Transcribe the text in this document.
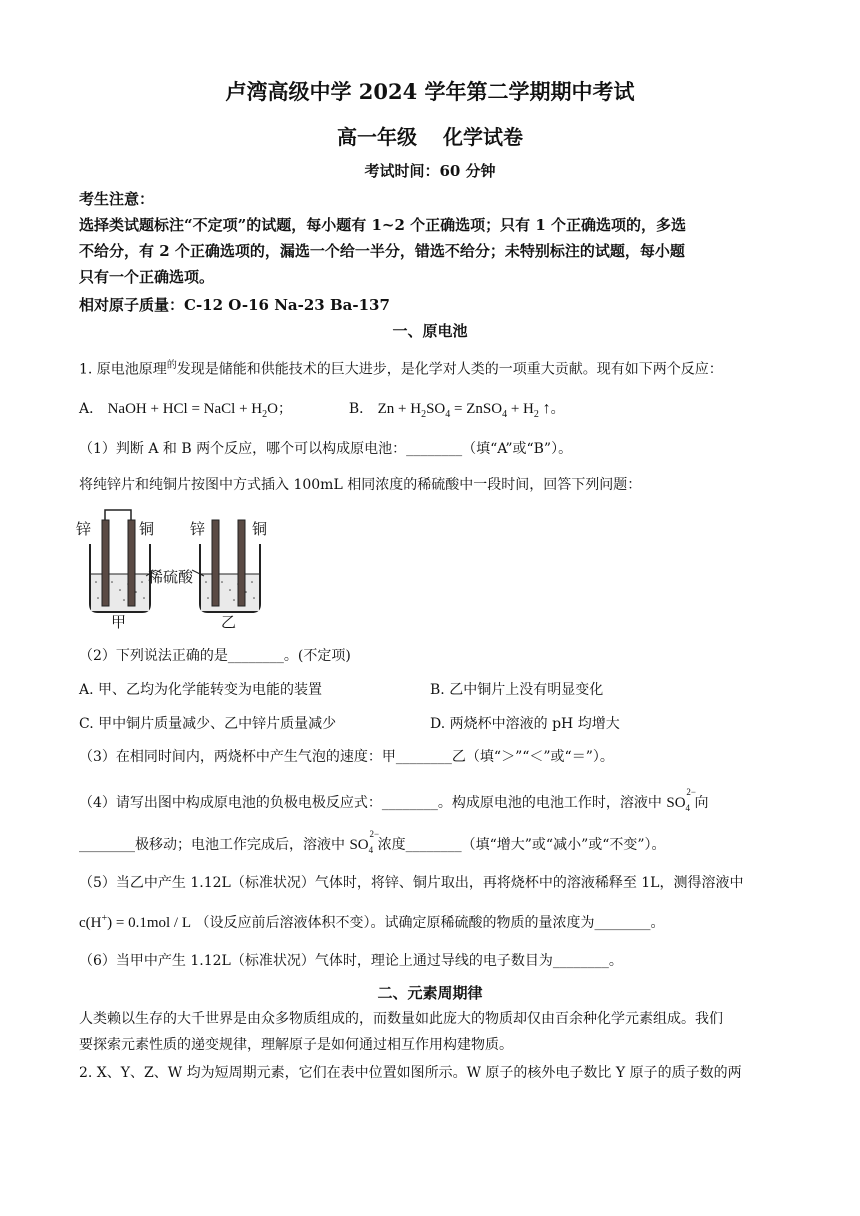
卢湾高级中学 2024 学年第二学期期中考试
高一年级 化学试卷
考试时间：60 分钟
考生注意：
选择类试题标注“不定项”的试题，每小题有 1~2 个正确选项；只有 1 个正确选项的，多选
不给分，有 2 个正确选项的，漏选一个给一半分，错选不给分；未特别标注的试题，每小题
只有一个正确选项。
相对原子质量：C-12 O-16 Na-23 Ba-137
一、原电池
1. 原电池原理$^的$发现是储能和供能技术的巨大进步，是化学对人类的一项重大贡献。现有如下两个反应：
A． NaOH + HCl = NaCl + $H_2O$；	B． $Zn + H_2SO_4$ = ZnSO$_4$ + $H_2$ ↑。
（1）判断 A 和 B 两个反应，哪个可以构成原电池：________（填“A”或“B”）。
将纯锌片和纯铜片按图中方式插入 100mL 相同浓度的稀硫酸中一段时间，回答下列问题：
锌	铜 锌	铜
稀硫酸
甲	乙
（2）下列说法正确的是________。(不定项)
A. 甲、乙均为化学能转变为电能的装置	B. 乙中铜片上没有明显变化
C. 甲中铜片质量减少、乙中锌片质量减少	D. 两烧杯中溶液的 pH 均增大
（3）在相同时间内，两烧杯中产生气泡的速度：甲________乙（填“＞”“＜”或“＝”）。
（4）请写出图中构成原电池的负极电极反应式：________。构成原电池的电池工作时，溶液中 $SO_4$
2−
向
________极移动；电池工作完成后，溶液中 $SO_4$
2−
浓度________（填“增大”或“减小”或“不变”）。
（5）当乙中产生 1.12L（标准状况）气体时，将锌、铜片取出，再将烧杯中的溶液稀释至 1L，测得溶液中
c(H+) = 0.1mol / L （设反应前后溶液体积不变）。试确定原稀硫酸的物质的量浓度为________。
（6）当甲中产生 1.12L（标准状况）气体时，理论上通过导线的电子数目为________。
二、元素周期律
人类赖以生存的大千世界是由众多物质组成的，而数量如此庞大的物质却仅由百余种化学元素组成。我们
要探索元素性质的递变规律，理解原子是如何通过相互作用构建物质。
2. X、Y、Z、W 均为短周期元素，它们在表中位置如图所示。W 原子的核外电子数比 Y 原子的质子数的两
